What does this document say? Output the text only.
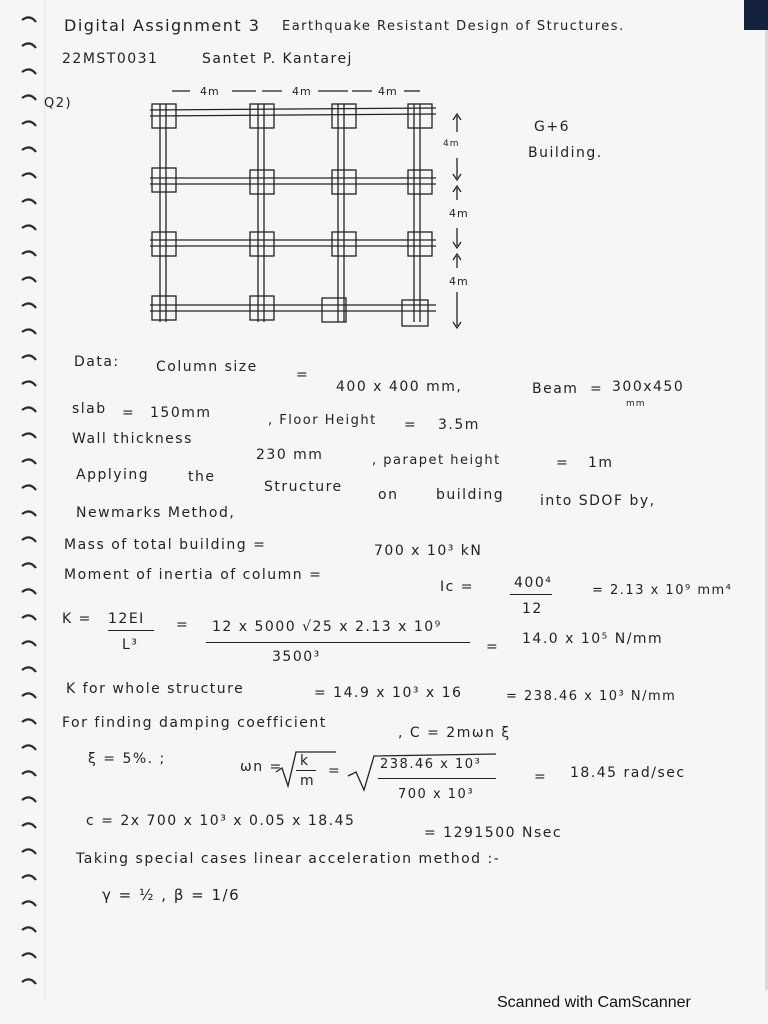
Digital Assignment 3 Earthquake Resistant Design of Structures.
22MST0031	Santet P. Kantarej
Q2)
4m	4m	4m
4m
4m
4m
G+6
Building.
Data:	Column size	=
400 x 400 mm,	Beam = 300x450
mm
slab = 150mm	, Floor Height = 3.5m
Wall thickness
230 mm	, parapet height	= 1m
Applying	the
Structure	on	building	into SDOF by,
Newmarks Method,
Mass of total building =	700 x 10³ kN
Moment of inertia of column =
Ic =	400⁴
12
= 2.13 x 10⁹ mm⁴
K = 12EI
L³
= 12 x 5000 √25 x 2.13 x 10⁹
3500³
= 14.0 x 10⁵ N/mm
K for whole structure	= 14.9 x 10³ x 16	= 238.46 x 10³ N/mm
For finding damping coefficient
, C = 2mωn ξ
ξ = 5%. ;	ωn = k
m
=	238.46 x 10³
700 x 10³
= 18.45 rad/sec
c = 2x 700 x 10³ x 0.05 x 18.45
= 1291500 Nsec
Taking special cases linear acceleration method :-
γ = ½ , β = 1/6
Scanned with CamScanner
